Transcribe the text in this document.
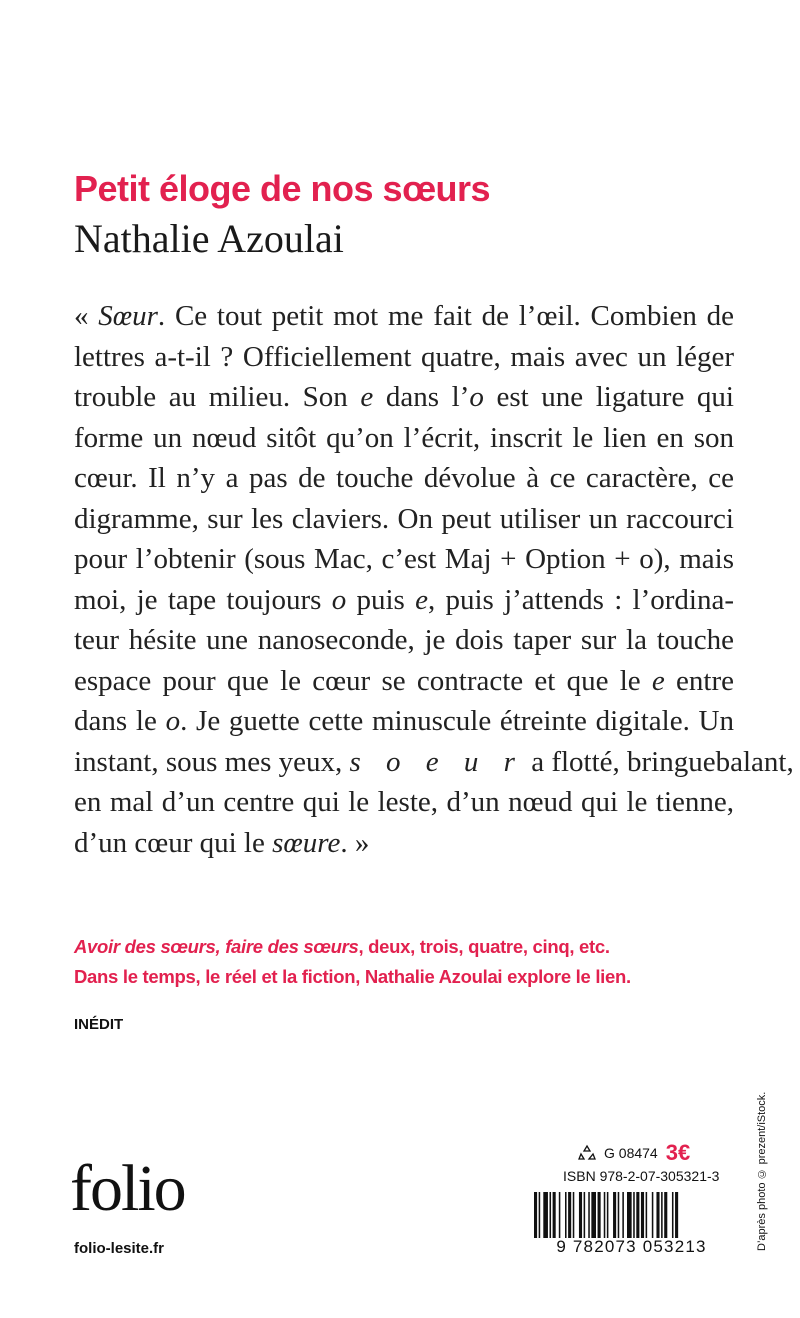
Petit éloge de nos sœurs
Nathalie Azoulai
« Sœur. Ce tout petit mot me fait de l’œil. Combien de
lettres a-t-il ? Officiellement quatre, mais avec un léger
trouble au milieu. Son e dans l’o est une ligature qui
forme un nœud sitôt qu’on l’écrit, inscrit le lien en son
cœur. Il n’y a pas de touche dévolue à ce caractère, ce
digramme, sur les claviers. On peut utiliser un raccourci
pour l’obtenir (sous Mac, c’est Maj + Option + o), mais
moi, je tape toujours o puis e, puis j’attends : l’ordina-
teur hésite une nanoseconde, je dois taper sur la touche
espace pour que le cœur se contracte et que le e entre
dans le o. Je guette cette minuscule étreinte digitale. Un
instant, sous mes yeux, s o e u r a flotté, bringuebalant,
en mal d’un centre qui le leste, d’un nœud qui le tienne,
d’un cœur qui le sœure. »
Avoir des sœurs, faire des sœurs, deux, trois, quatre, cinq, etc.
Dans le temps, le réel et la fiction, Nathalie Azoulai explore le lien.
INÉDIT
D’après photo © prezent/iStock.
folio
folio-lesite.fr
G 08474 3€
ISBN 978-2-07-305321-3
9 782073 053213
